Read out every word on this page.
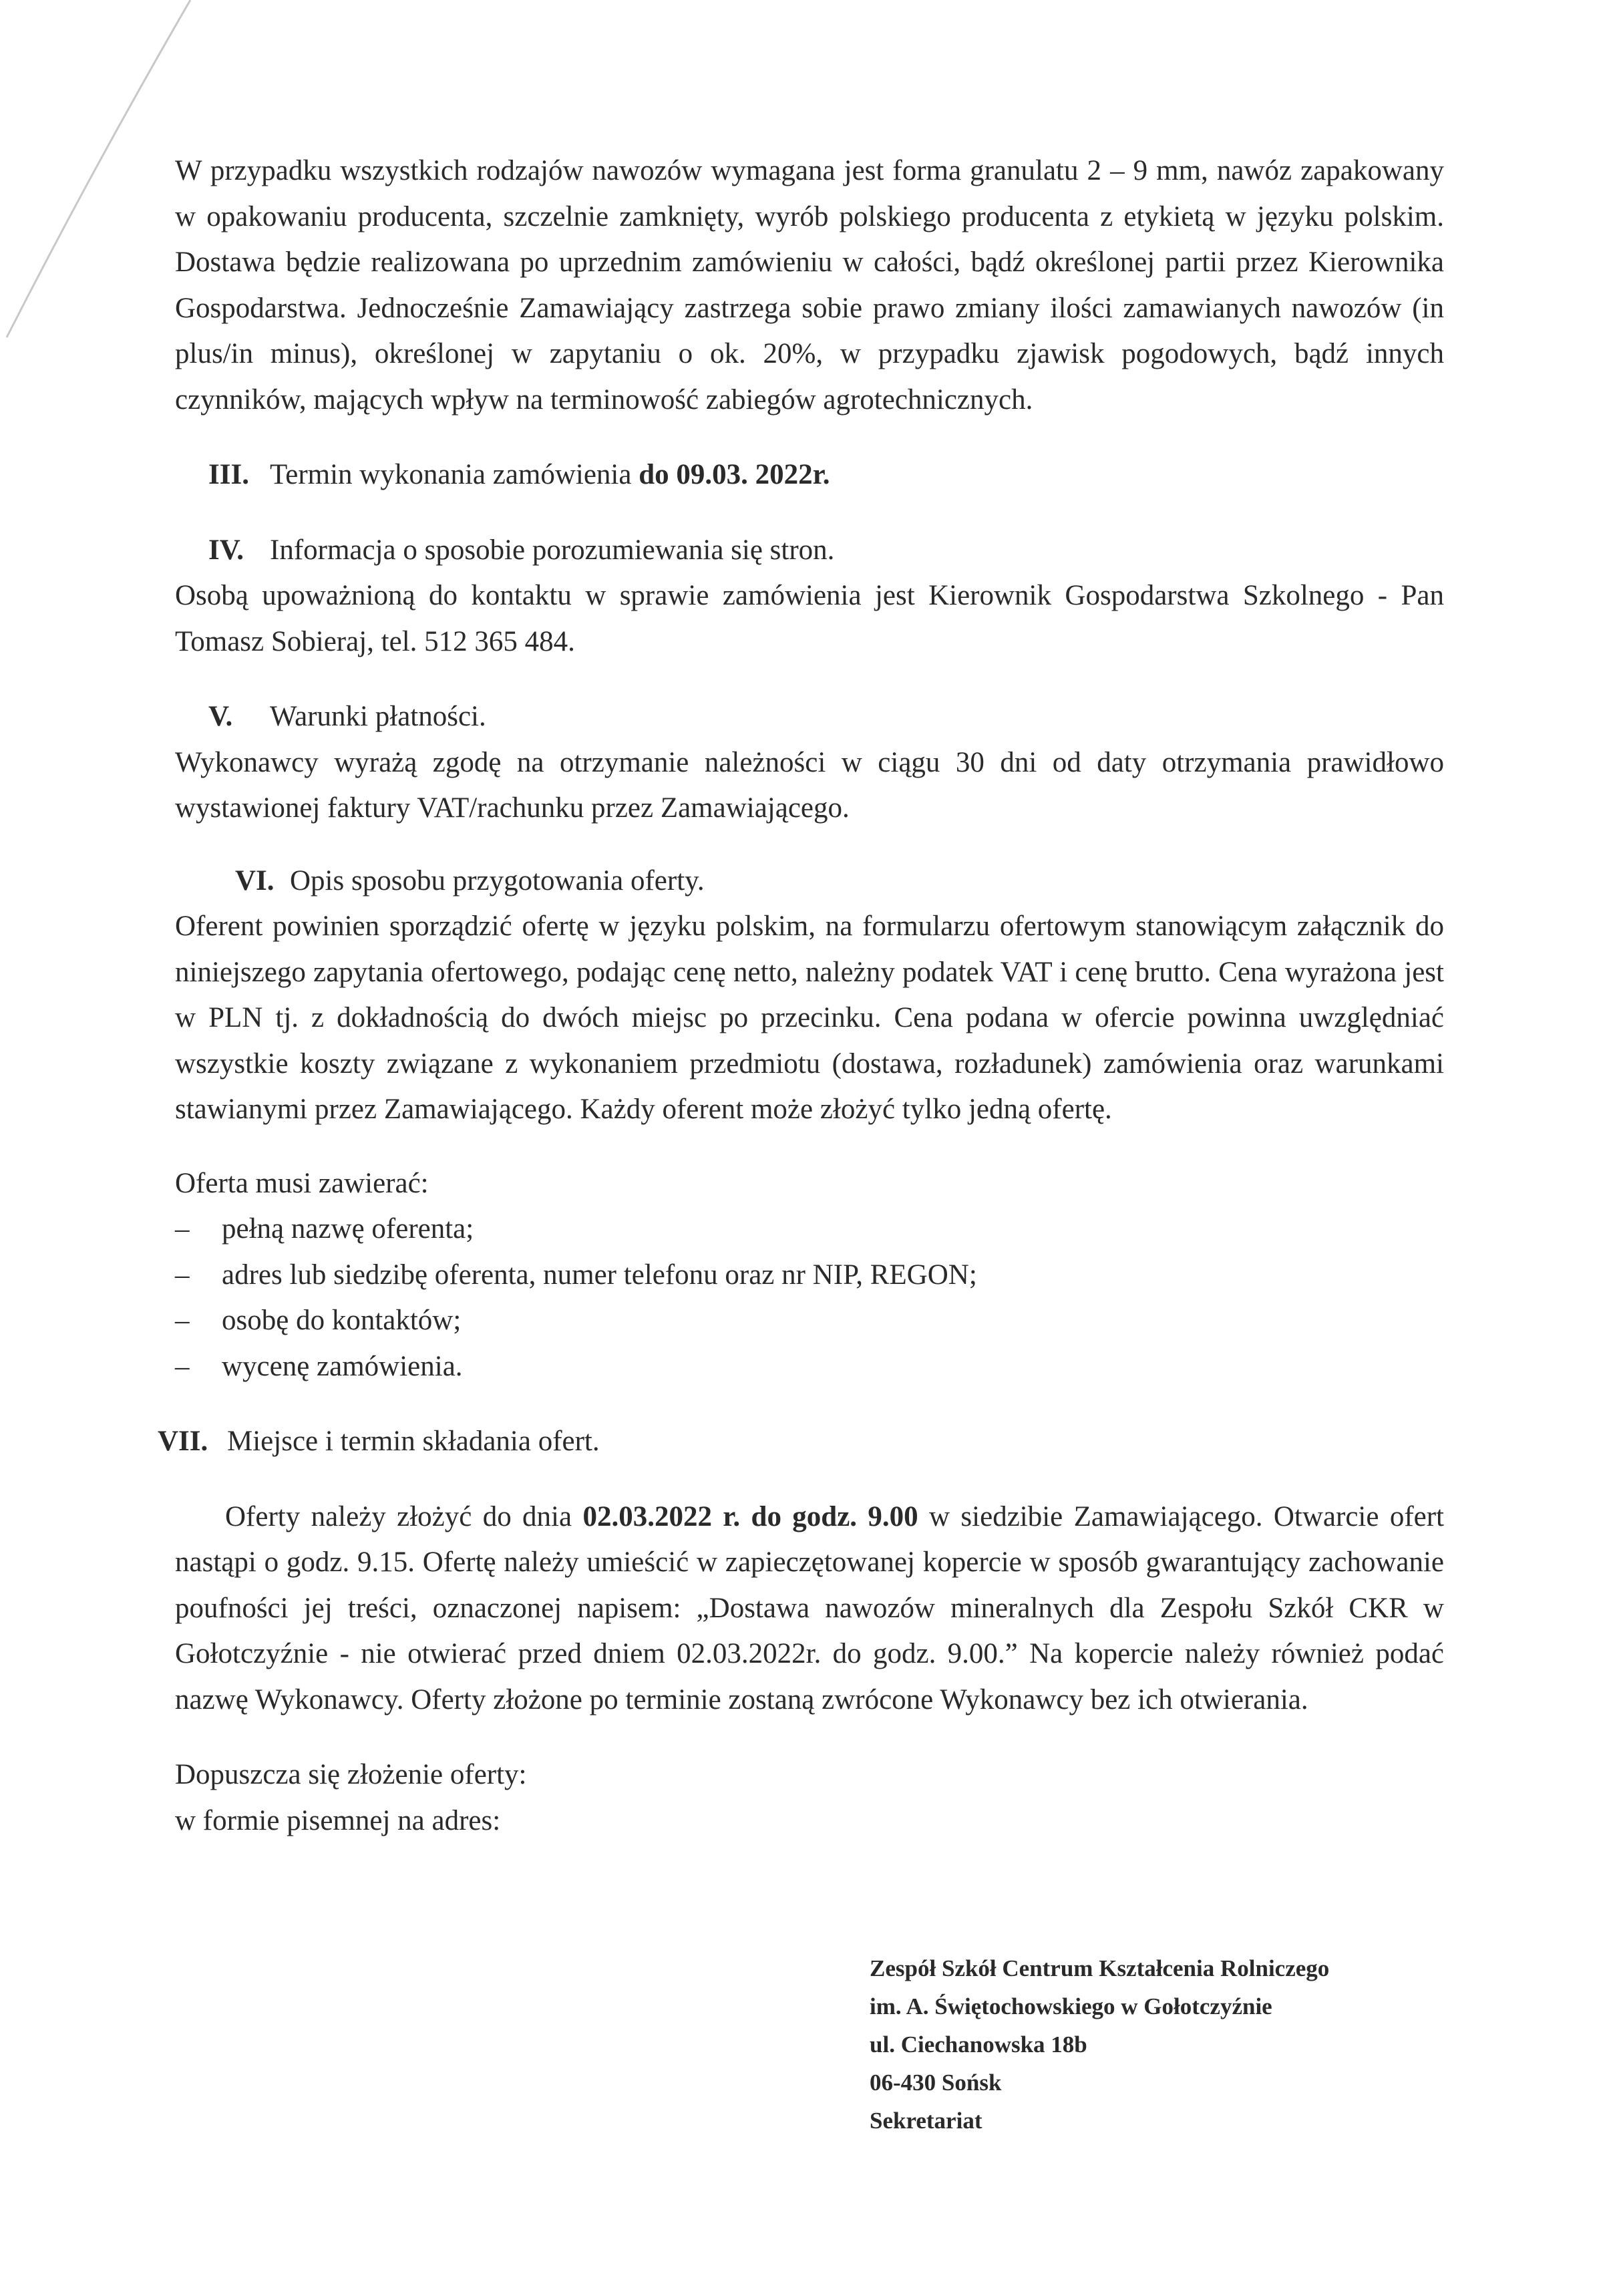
W przypadku wszystkich rodzajów nawozów wymagana jest forma granulatu 2 – 9 mm, nawóz zapakowany w opakowaniu producenta, szczelnie zamknięty, wyrób polskiego producenta z etykietą w języku polskim. Dostawa będzie realizowana po uprzednim zamówieniu w całości, bądź określonej partii przez Kierownika Gospodarstwa. Jednocześnie Zamawiający zastrzega sobie prawo zmiany ilości zamawianych nawozów (in plus/in minus), określonej w zapytaniu o ok. 20%, w przypadku zjawisk pogodowych, bądź innych czynników, mających wpływ na terminowość zabiegów agrotechnicznych.

III. Termin wykonania zamówienia do 09.03. 2022r.

IV. Informacja o sposobie porozumiewania się stron.

Osobą upoważnioną do kontaktu w sprawie zamówienia jest Kierownik Gospodarstwa Szkolnego - Pan Tomasz Sobieraj, tel. 512 365 484.

V. Warunki płatności.

Wykonawcy wyrażą zgodę na otrzymanie należności w ciągu 30 dni od daty otrzymania prawidłowo wystawionej faktury VAT/rachunku przez Zamawiającego.

VI. Opis sposobu przygotowania oferty.

Oferent powinien sporządzić ofertę w języku polskim, na formularzu ofertowym stanowiącym załącznik do niniejszego zapytania ofertowego, podając cenę netto, należny podatek VAT i cenę brutto. Cena wyrażona jest w PLN tj. z dokładnością do dwóch miejsc po przecinku. Cena podana w ofercie powinna uwzględniać wszystkie koszty związane z wykonaniem przedmiotu (dostawa, rozładunek) zamówienia oraz warunkami stawianymi przez Zamawiającego. Każdy oferent może złożyć tylko jedną ofertę.

Oferta musi zawierać:

–	pełną nazwę oferenta;
–	adres lub siedzibę oferenta, numer telefonu oraz nr NIP, REGON;
–	osobę do kontaktów;
–	wycenę zamówienia.

VII. Miejsce i termin składania ofert.

Oferty należy złożyć do dnia 02.03.2022 r. do godz. 9.00 w siedzibie Zamawiającego. Otwarcie ofert nastąpi o godz. 9.15. Ofertę należy umieścić w zapieczętowanej kopercie w sposób gwarantujący zachowanie poufności jej treści, oznaczonej napisem: „Dostawa nawozów mineralnych dla Zespołu Szkół CKR w Gołotczyźnie - nie otwierać przed dniem 02.03.2022r. do godz. 9.00.” Na kopercie należy również podać nazwę Wykonawcy. Oferty złożone po terminie zostaną zwrócone Wykonawcy bez ich otwierania.

Dopuszcza się złożenie oferty:

w formie pisemnej na adres:

Zespół Szkół Centrum Kształcenia Rolniczego
im. A. Świętochowskiego w Gołotczyźnie
ul. Ciechanowska 18b
06-430 Sońsk
Sekretariat
